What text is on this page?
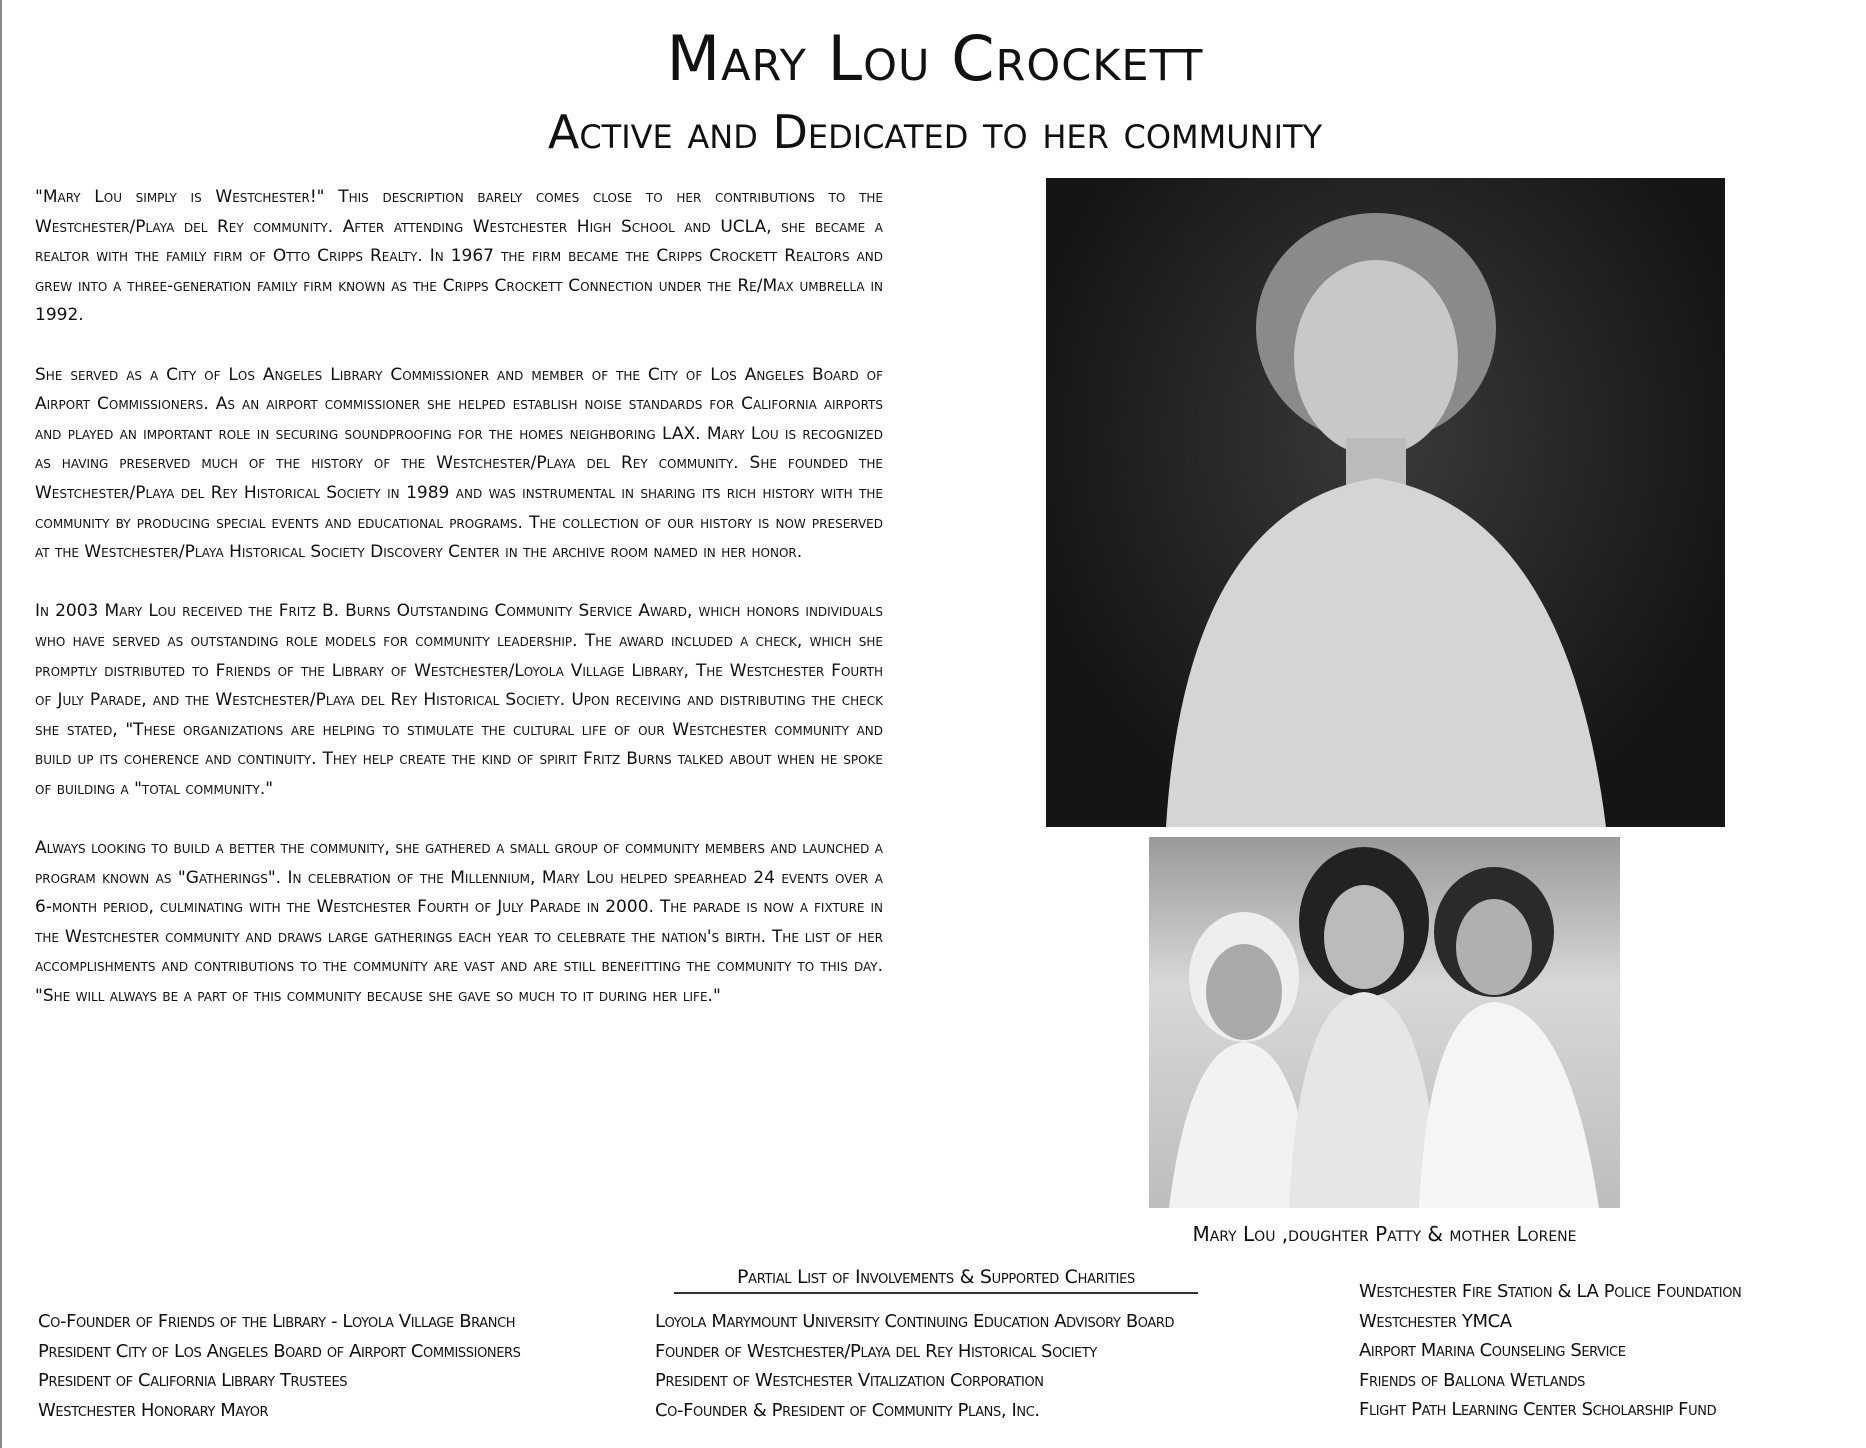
Mary Lou Crockett
Active and Dedicated to her community

"Mary Lou simply is Westchester!" This description barely comes close to her contributions to the Westchester/Playa del Rey community. After attending Westchester High School and UCLA, she became a realtor with the family firm of Otto Cripps Realty. In 1967 the firm became the Cripps Crockett Realtors and grew into a three-generation family firm known as the Cripps Crockett Connection under the Re/Max umbrella in 1992.

She served as a City of Los Angeles Library Commissioner and member of the City of Los Angeles Board of Airport Commissioners. As an airport commissioner she helped establish noise standards for California airports and played an important role in securing soundproofing for the homes neighboring LAX. Mary Lou is recognized as having preserved much of the history of the Westchester/Playa del Rey community. She founded the Westchester/Playa del Rey Historical Society in 1989 and was instrumental in sharing its rich history with the community by producing special events and educational programs. The collection of our history is now preserved at the Westchester/Playa Historical Society Discovery Center in the archive room named in her honor.

In 2003 Mary Lou received the Fritz B. Burns Outstanding Community Service Award, which honors individuals who have served as outstanding role models for community leadership. The award included a check, which she promptly distributed to Friends of the Library of Westchester/Loyola Village Library, The Westchester Fourth of July Parade, and the Westchester/Playa del Rey Historical Society. Upon receiving and distributing the check she stated, "These organizations are helping to stimulate the cultural life of our Westchester community and build up its coherence and continuity. They help create the kind of spirit Fritz Burns talked about when he spoke of building a "total community."

Always looking to build a better the community, she gathered a small group of community members and launched a program known as "Gatherings". In celebration of the Millennium, Mary Lou helped spearhead 24 events over a 6-month period, culminating with the Westchester Fourth of July Parade in 2000. The parade is now a fixture in the Westchester community and draws large gatherings each year to celebrate the nation's birth. The list of her accomplishments and contributions to the community are vast and are still benefitting the community to this day. "She will always be a part of this community because she gave so much to it during her life."

Mary Lou ,doughter Patty & mother Lorene
Partial List of Involvements & Supported Charities
Co-Founder of Friends of the Library - Loyola Village Branch
President City of Los Angeles Board of Airport Commissioners
President of California Library Trustees
Westchester Honorary Mayor
Loyola Marymount University Continuing Education Advisory Board
Founder of Westchester/Playa del Rey Historical Society
President of Westchester Vitalization Corporation
Co-Founder & President of Community Plans, Inc.
Westchester Fire Station & LA Police Foundation
Westchester YMCA
Airport Marina Counseling Service
Friends of Ballona Wetlands
Flight Path Learning Center Scholarship Fund
